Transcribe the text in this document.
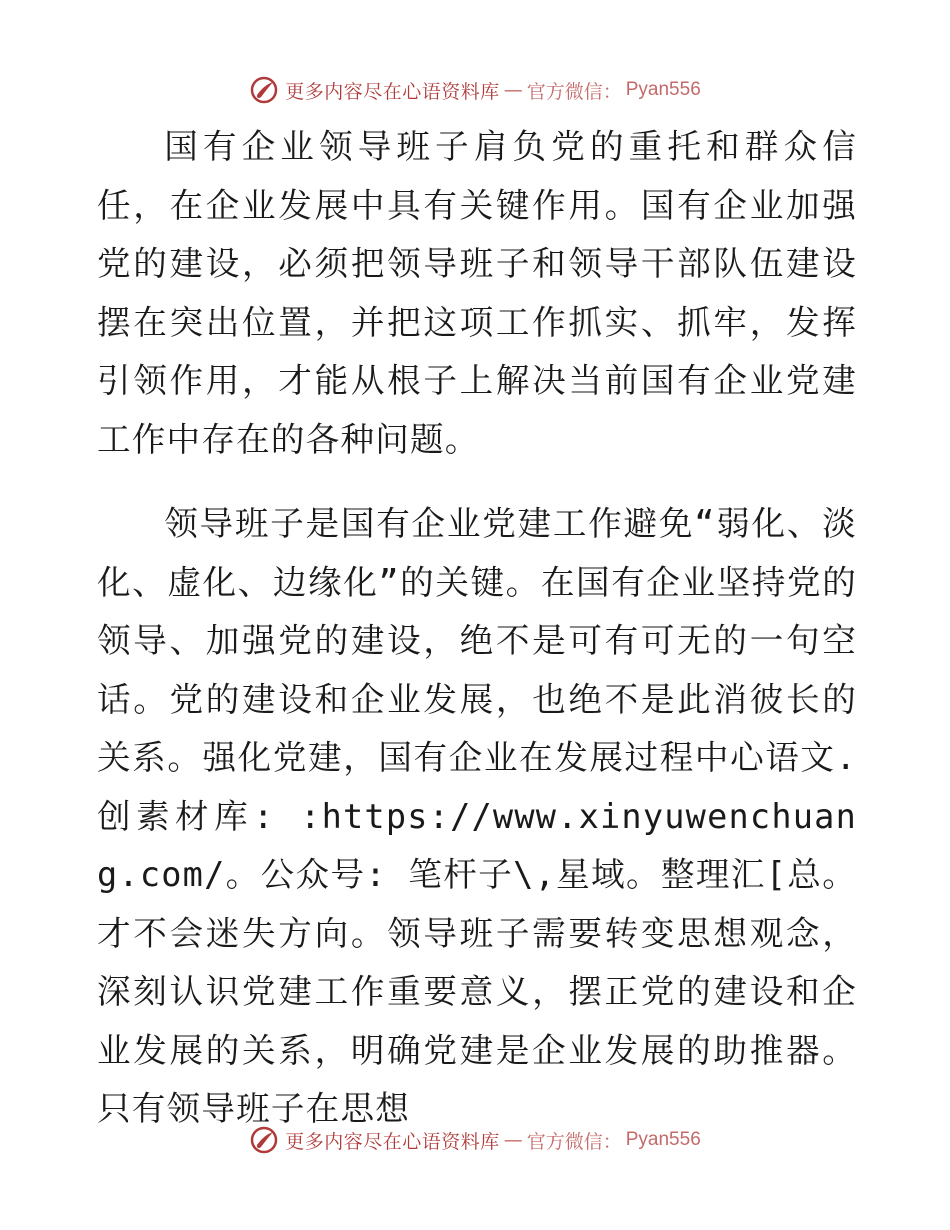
更多内容尽在心语资料库 — 官方微信： Pyan556

国有企业领导班子肩负党的重托和群众信任，在企业发展中具有关键作用。国有企业加强党的建设，必须把领导班子和领导干部队伍建设摆在突出位置，并把这项工作抓实、抓牢，发挥引领作用，才能从根子上解决当前国有企业党建工作中存在的各种问题。

领导班子是国有企业党建工作避免“弱化、淡化、虚化、边缘化”的关键。在国有企业坚持党的领导、加强党的建设，绝不是可有可无的一句空话。党的建设和企业发展，也绝不是此消彼长的关系。强化党建，国有企业在发展过程中心语文.创素材库: :https://www.xinyuwenchuang.com/。公众号: 笔杆子\,星域。整理汇[总。才不会迷失方向。领导班子需要转变思想观念，深刻认识党建工作重要意义，摆正党的建设和企业发展的关系，明确党建是企业发展的助推器。只有领导班子在思想

更多内容尽在心语资料库 — 官方微信： Pyan556
